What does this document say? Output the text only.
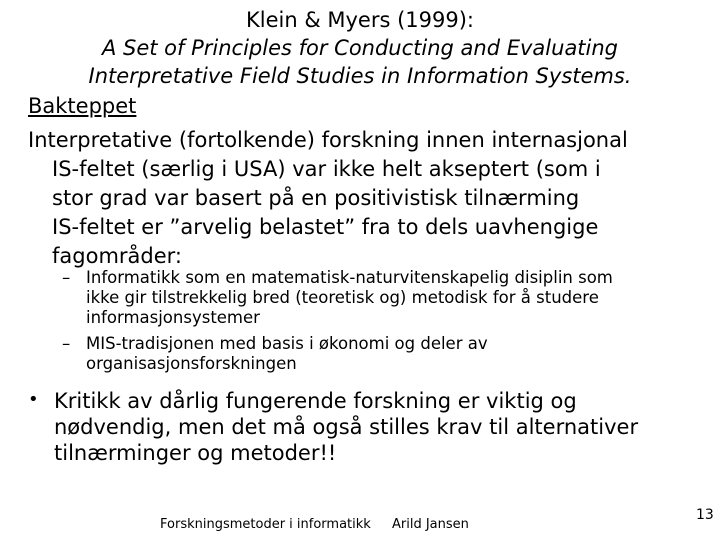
Klein & Myers (1999):
A Set of Principles for Conducting and Evaluating
Interpretative Field Studies in Information Systems.
Bakteppet
Interpretative (fortolkende) forskning innen internasjonal
IS-feltet (særlig i USA) var ikke helt akseptert (som i
stor grad var basert på en positivistisk tilnærming
IS-feltet er ”arvelig belastet” fra to dels uavhengige
fagområder:
– Informatikk som en matematisk-naturvitenskapelig disiplin som
ikke gir tilstrekkelig bred (teoretisk og) metodisk for å studere
informasjonsystemer
– MIS-tradisjonen med basis i økonomi og deler av
organisasjonsforskningen
• Kritikk av dårlig fungerende forskning er viktig og
nødvendig, men det må også stilles krav til alternativer
tilnærminger og metoder!!
Forskningsmetoder i informatikk Arild Jansen
13
